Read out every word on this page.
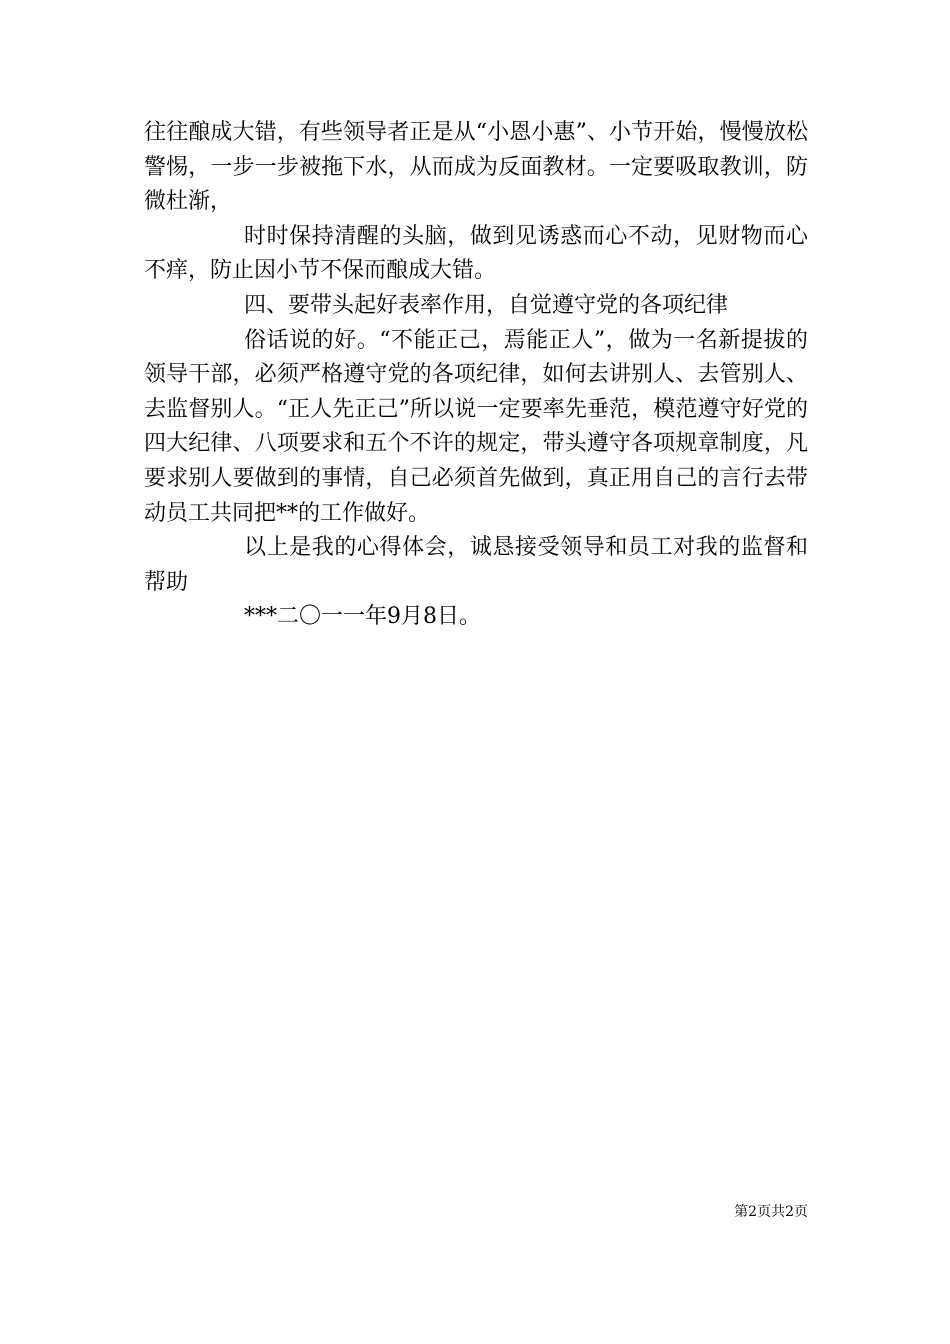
往往酿成大错，有些领导者正是从“小恩小惠”、小节开始，慢慢放松警惕，一步一步被拖下水，从而成为反面教材。一定要吸取教训，防微杜渐，

时时保持清醒的头脑，做到见诱惑而心不动，见财物而心不痒，防止因小节不保而酿成大错。

四、要带头起好表率作用，自觉遵守党的各项纪律

俗话说的好。“不能正己，焉能正人”，做为一名新提拔的领导干部，必须严格遵守党的各项纪律，如何去讲别人、去管别人、去监督别人。“正人先正己”所以说一定要率先垂范，模范遵守好党的四大纪律、八项要求和五个不许的规定，带头遵守各项规章制度，凡要求别人要做到的事情，自己必须首先做到，真正用自己的言行去带动员工共同把**的工作做好。

以上是我的心得体会，诚恳接受领导和员工对我的监督和帮助

***二〇一一年9月8日。

第2页共2页
